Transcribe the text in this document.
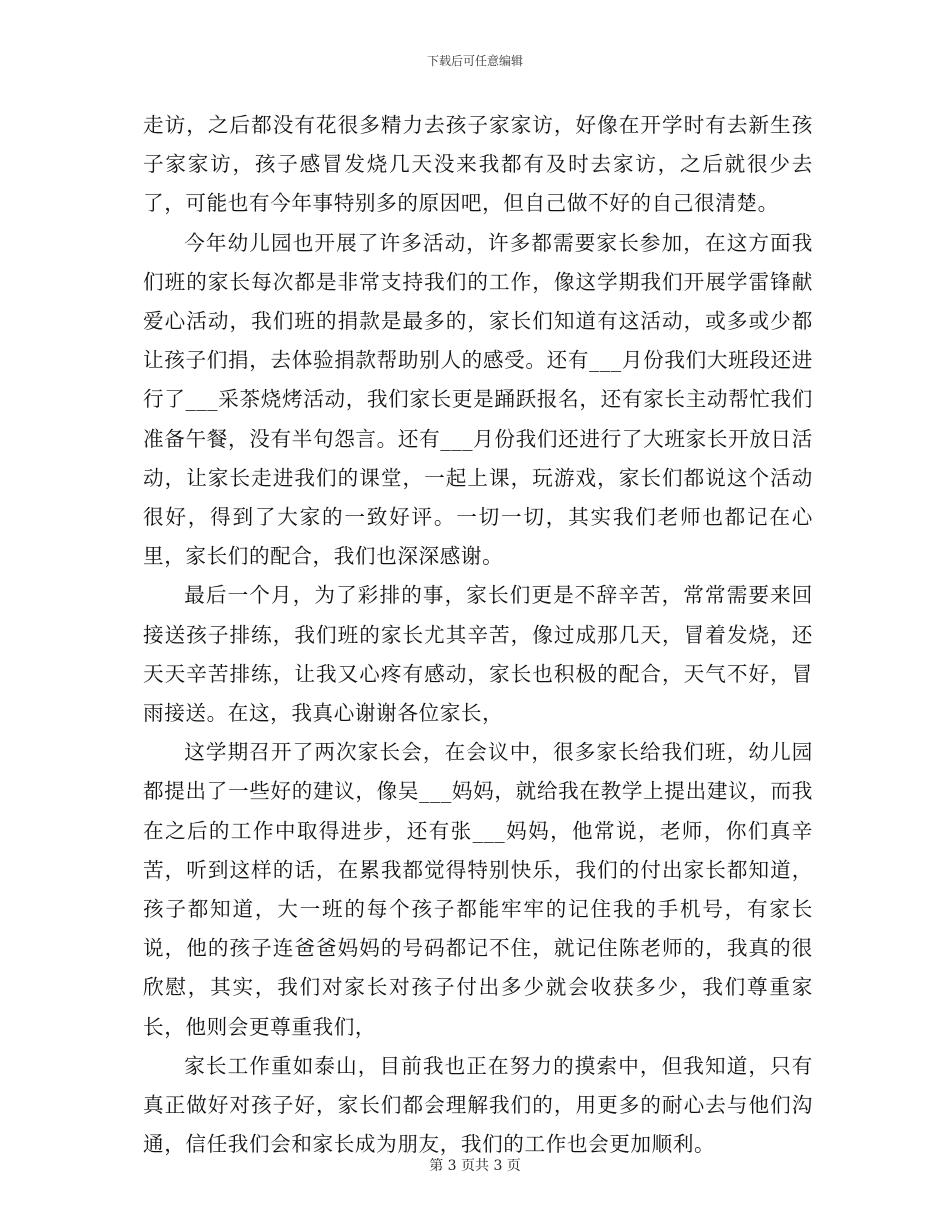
下载后可任意编辑

走访，之后都没有花很多精力去孩子家家访，好像在开学时有去新生孩子家家访，孩子感冒发烧几天没来我都有及时去家访，之后就很少去了，可能也有今年事特别多的原因吧，但自己做不好的自己很清楚。

今年幼儿园也开展了许多活动，许多都需要家长参加，在这方面我们班的家长每次都是非常支持我们的工作，像这学期我们开展学雷锋献爱心活动，我们班的捐款是最多的，家长们知道有这活动，或多或少都让孩子们捐，去体验捐款帮助别人的感受。还有___月份我们大班段还进行了___采茶烧烤活动，我们家长更是踊跃报名，还有家长主动帮忙我们准备午餐，没有半句怨言。还有___月份我们还进行了大班家长开放日活动，让家长走进我们的课堂，一起上课，玩游戏，家长们都说这个活动很好，得到了大家的一致好评。一切一切，其实我们老师也都记在心里，家长们的配合，我们也深深感谢。

最后一个月，为了彩排的事，家长们更是不辞辛苦，常常需要来回接送孩子排练，我们班的家长尤其辛苦，像过成那几天，冒着发烧，还天天辛苦排练，让我又心疼有感动，家长也积极的配合，天气不好，冒雨接送。在这，我真心谢谢各位家长，

这学期召开了两次家长会，在会议中，很多家长给我们班，幼儿园都提出了一些好的建议，像吴___妈妈，就给我在教学上提出建议，而我在之后的工作中取得进步，还有张___妈妈，他常说，老师，你们真辛苦，听到这样的话，在累我都觉得特别快乐，我们的付出家长都知道，孩子都知道，大一班的每个孩子都能牢牢的记住我的手机号，有家长说，他的孩子连爸爸妈妈的号码都记不住，就记住陈老师的，我真的很欣慰，其实，我们对家长对孩子付出多少就会收获多少，我们尊重家长，他则会更尊重我们，

家长工作重如泰山，目前我也正在努力的摸索中，但我知道，只有真正做好对孩子好，家长们都会理解我们的，用更多的耐心去与他们沟通，信任我们会和家长成为朋友，我们的工作也会更加顺利。

第 3 页共 3 页
